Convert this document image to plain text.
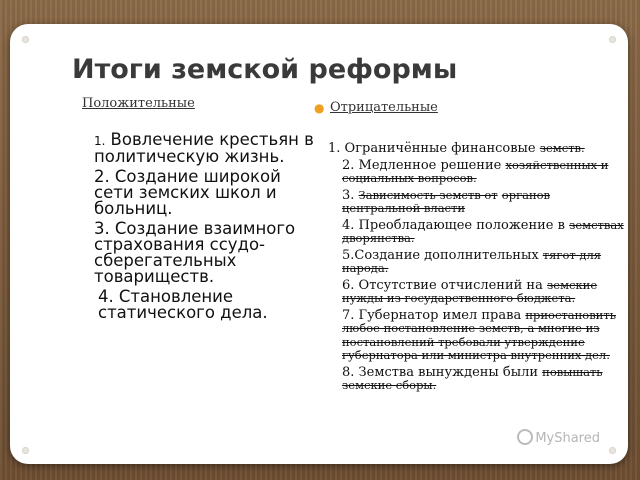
Итоги земской реформы
Положительные	● Отрицательные
1. Вовлечение крестьян в политическую жизнь.
2. Создание широкой сети земских школ и больниц.
3. Создание взаимного страхования ссудо-сберегательных товариществ.
4. Становление статического дела.
1. Ограничённые финансовые земств.
2. Медленное решение хозяйственных и социальных вопросов.
3. Зависимость земств от органов центральной власти
4. Преобладающее положение в земствах дворянства.
5.Создание дополнительных тягот для народа.
6. Отсутствие отчислений на земские нужды из государственного бюджета.
7. Губернатор имел права приостановить любое постановление земств, а многие из постановлений требовали утверждение губернатора или министра внутренних дел.
8. Земства вынуждены были повышать земские сборы.
MyShared
